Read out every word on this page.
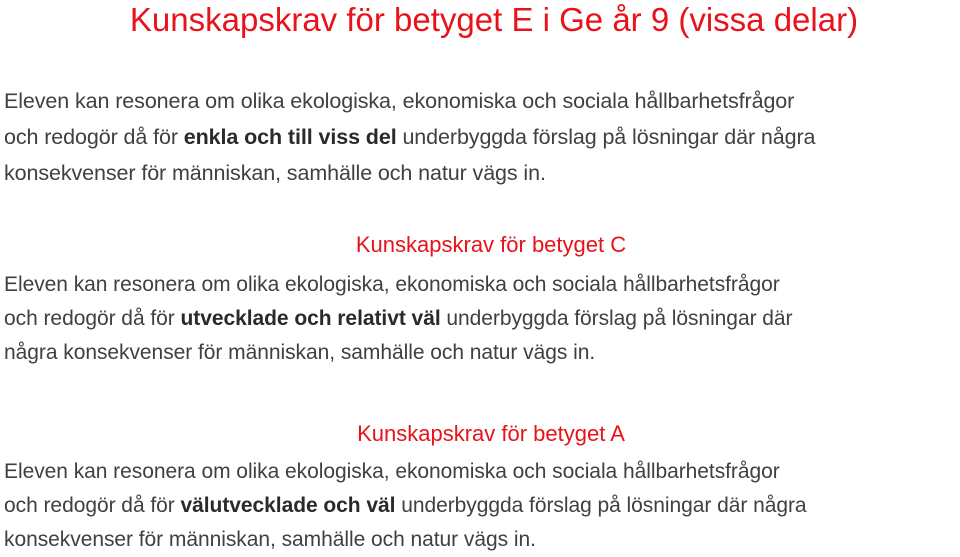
Kunskapskrav för betyget E i Ge år 9 (vissa delar)

Eleven kan resonera om olika ekologiska, ekonomiska och sociala hållbarhetsfrågor
och redogör då för enkla och till viss del underbyggda förslag på lösningar där några
konsekvenser för människan, samhälle och natur vägs in.

Kunskapskrav för betyget C

Eleven kan resonera om olika ekologiska, ekonomiska och sociala hållbarhetsfrågor
och redogör då för utvecklade och relativt väl underbyggda förslag på lösningar där
några konsekvenser för människan, samhälle och natur vägs in.

Kunskapskrav för betyget A

Eleven kan resonera om olika ekologiska, ekonomiska och sociala hållbarhetsfrågor
och redogör då för välutvecklade och väl underbyggda förslag på lösningar där några
konsekvenser för människan, samhälle och natur vägs in.
